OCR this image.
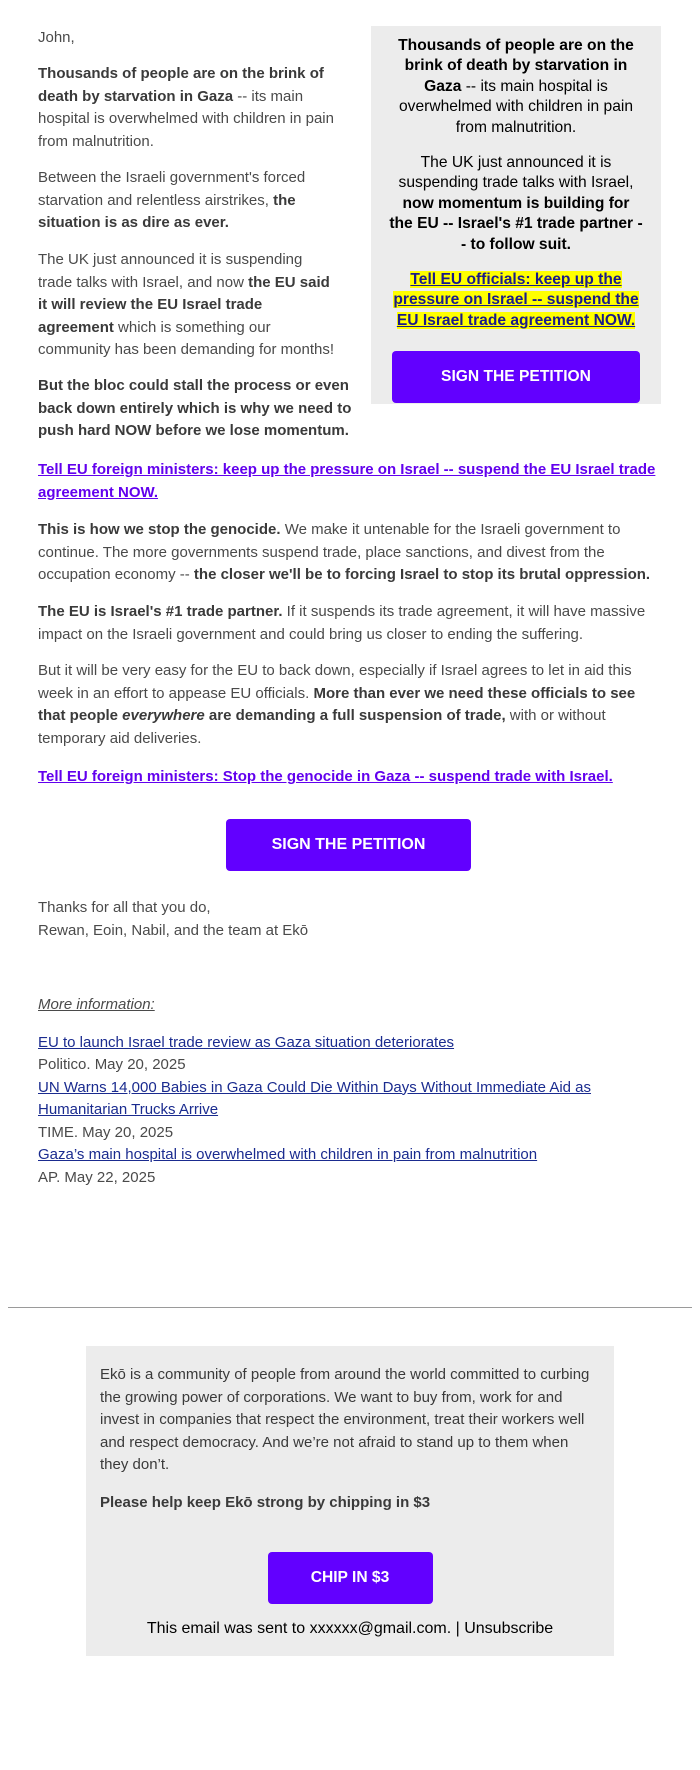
John,

Thousands of people are on the brink of death by starvation in Gaza -- its main hospital is overwhelmed with children in pain from malnutrition.

Between the Israeli government's forced starvation and relentless airstrikes, the situation is as dire as ever.

The UK just announced it is suspending trade talks with Israel, and now the EU said it will review the EU Israel trade agreement which is something our community has been demanding for months!

But the bloc could stall the process or even back down entirely which is why we need to push hard NOW before we lose momentum.

Thousands of people are on the brink of death by starvation in Gaza -- its main hospital is overwhelmed with children in pain from malnutrition.

The UK just announced it is suspending trade talks with Israel, now momentum is building for the EU -- Israel's #1 trade partner -- to follow suit.

Tell EU officials: keep up the pressure on Israel -- suspend the EU Israel trade agreement NOW.

SIGN THE PETITION

Tell EU foreign ministers: keep up the pressure on Israel -- suspend the EU Israel trade agreement NOW.

This is how we stop the genocide. We make it untenable for the Israeli government to continue. The more governments suspend trade, place sanctions, and divest from the occupation economy -- the closer we'll be to forcing Israel to stop its brutal oppression.

The EU is Israel's #1 trade partner. If it suspends its trade agreement, it will have massive impact on the Israeli government and could bring us closer to ending the suffering.

But it will be very easy for the EU to back down, especially if Israel agrees to let in aid this week in an effort to appease EU officials. More than ever we need these officials to see that people everywhere are demanding a full suspension of trade, with or without temporary aid deliveries.

Tell EU foreign ministers: Stop the genocide in Gaza -- suspend trade with Israel.

SIGN THE PETITION

Thanks for all that you do,

Rewan, Eoin, Nabil, and the team at Ekō

More information:

EU to launch Israel trade review as Gaza situation deteriorates

Politico. May 20, 2025

UN Warns 14,000 Babies in Gaza Could Die Within Days Without Immediate Aid as Humanitarian Trucks Arrive

TIME. May 20, 2025

Gaza’s main hospital is overwhelmed with children in pain from malnutrition

AP. May 22, 2025

Ekō is a community of people from around the world committed to curbing the growing power of corporations. We want to buy from, work for and invest in companies that respect the environment, treat their workers well and respect democracy. And we’re not afraid to stand up to them when they don’t.

Please help keep Ekō strong by chipping in $3

CHIP IN $3

This email was sent to xxxxxx@gmail.com. | Unsubscribe
